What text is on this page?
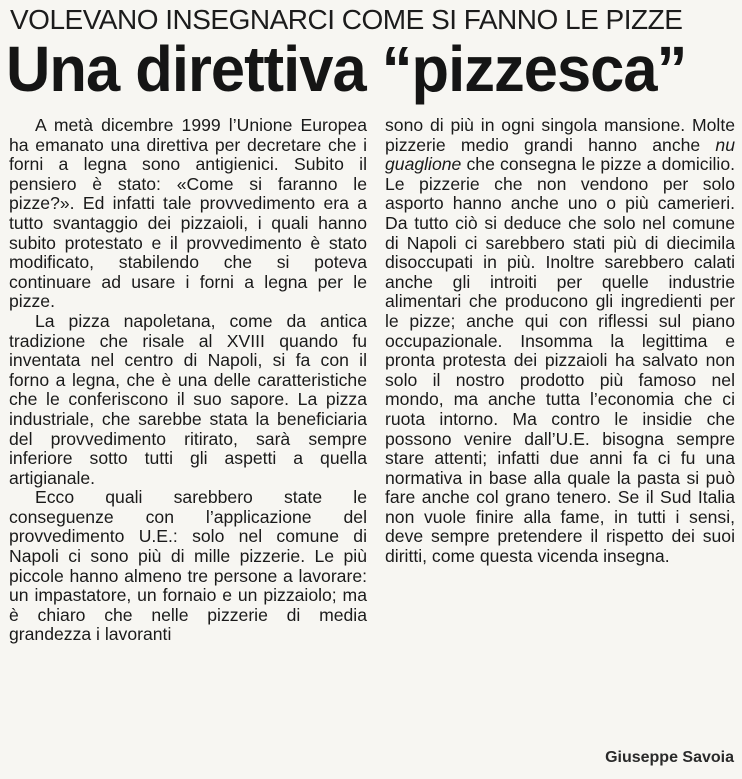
VOLEVANO INSEGNARCI COME SI FANNO LE PIZZE
Una direttiva “pizzesca”

A metà dicembre 1999 l’Unione Europea ha emanato una direttiva per decretare che i forni a legna sono antigienici. Subito il pensiero è stato: «Come si faranno le pizze?». Ed infatti tale provvedimento era a tutto svantaggio dei pizzaioli, i quali hanno subito protestato e il provvedimento è stato modificato, stabilendo che si poteva continuare ad usare i forni a legna per le pizze.

La pizza napoletana, come da antica tradizione che risale al XVIII quando fu inventata nel centro di Napoli, si fa con il forno a legna, che è una delle caratteristiche che le conferiscono il suo sapore. La pizza industriale, che sarebbe stata la beneficiaria del provvedimento ritirato, sarà sempre inferiore sotto tutti gli aspetti a quella artigianale.

Ecco quali sarebbero state le conseguenze con l’applicazione del provvedimento U.E.: solo nel comune di Napoli ci sono più di mille pizzerie. Le più piccole hanno almeno tre persone a lavorare: un impastatore, un fornaio e un pizzaiolo; ma è chiaro che nelle pizzerie di media grandezza i lavoranti

sono di più in ogni singola mansione. Molte pizzerie medio grandi hanno anche nu guaglione che consegna le pizze a domicilio. Le pizzerie che non vendono per solo asporto hanno anche uno o più camerieri. Da tutto ciò si deduce che solo nel comune di Napoli ci sarebbero stati più di diecimila disoccupati in più. Inoltre sarebbero calati anche gli introiti per quelle industrie alimentari che producono gli ingredienti per le pizze; anche qui con riflessi sul piano occupazionale. Insomma la legittima e pronta protesta dei pizzaioli ha salvato non solo il nostro prodotto più famoso nel mondo, ma anche tutta l’economia che ci ruota intorno. Ma contro le insidie che possono venire dall’U.E. bisogna sempre stare attenti; infatti due anni fa ci fu una normativa in base alla quale la pasta si può fare anche col grano tenero. Se il Sud Italia non vuole finire alla fame, in tutti i sensi, deve sempre pretendere il rispetto dei suoi diritti, come questa vicenda insegna.

Giuseppe Savoia
